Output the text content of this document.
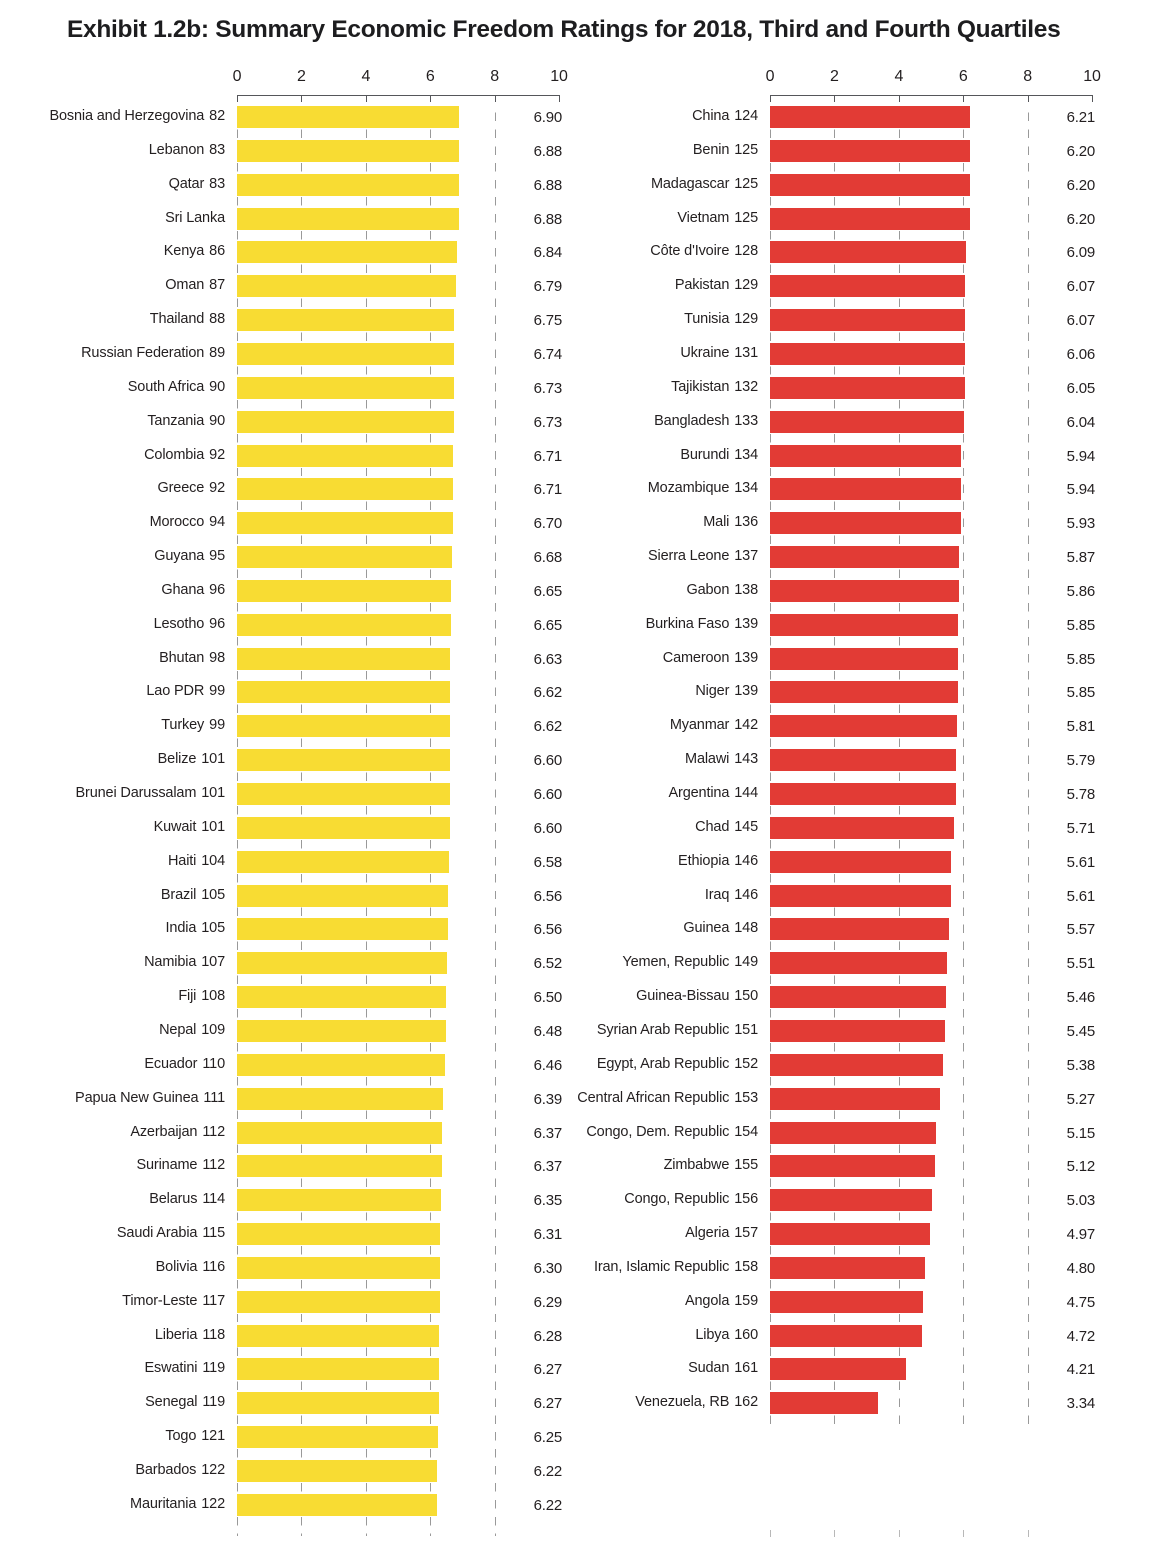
Exhibit 1.2b: Summary Economic Freedom Ratings for 2018, Third and Fourth Quartiles
0	2	4	6	8	10
Bosnia and Herzegovina 82	6.90
Lebanon 83	6.88
Qatar 83	6.88
Sri Lanka	6.88
Kenya 86	6.84
Oman 87	6.79
Thailand 88	6.75
Russian Federation 89	6.74
South Africa 90	6.73
Tanzania 90	6.73
Colombia 92	6.71
Greece 92	6.71
Morocco 94	6.70
Guyana 95	6.68
Ghana 96	6.65
Lesotho 96	6.65
Bhutan 98	6.63
Lao PDR 99	6.62
Turkey 99	6.62
Belize 101	6.60
Brunei Darussalam 101	6.60
Kuwait 101	6.60
Haiti 104	6.58
Brazil 105	6.56
India 105	6.56
Namibia 107	6.52
Fiji 108	6.50
Nepal 109	6.48
Ecuador 110	6.46
Papua New Guinea 111	6.39
Azerbaijan 112	6.37
Suriname 112	6.37
Belarus 114	6.35
Saudi Arabia 115	6.31
Bolivia 116	6.30
Timor-Leste 117	6.29
Liberia 118	6.28
Eswatini 119	6.27
Senegal 119	6.27
Togo 121	6.25
Barbados 122	6.22
Mauritania 122	6.22
0	2	4	6	8	10
China 124	6.21
Benin 125	6.20
Madagascar 125	6.20
Vietnam 125	6.20
Côte d'Ivoire 128	6.09
Pakistan 129	6.07
Tunisia 129	6.07
Ukraine 131	6.06
Tajikistan 132	6.05
Bangladesh 133	6.04
Burundi 134	5.94
Mozambique 134	5.94
Mali 136	5.93
Sierra Leone 137	5.87
Gabon 138	5.86
Burkina Faso 139	5.85
Cameroon 139	5.85
Niger 139	5.85
Myanmar 142	5.81
Malawi 143	5.79
Argentina 144	5.78
Chad 145	5.71
Ethiopia 146	5.61
Iraq 146	5.61
Guinea 148	5.57
Yemen, Republic 149	5.51
Guinea-Bissau 150	5.46
Syrian Arab Republic 151	5.45
Egypt, Arab Republic 152	5.38
Central African Republic 153	5.27
Congo, Dem. Republic 154	5.15
Zimbabwe 155	5.12
Congo, Republic 156	5.03
Algeria 157	4.97
Iran, Islamic Republic 158	4.80
Angola 159	4.75
Libya 160	4.72
Sudan 161	4.21
Venezuela, RB 162	3.34
